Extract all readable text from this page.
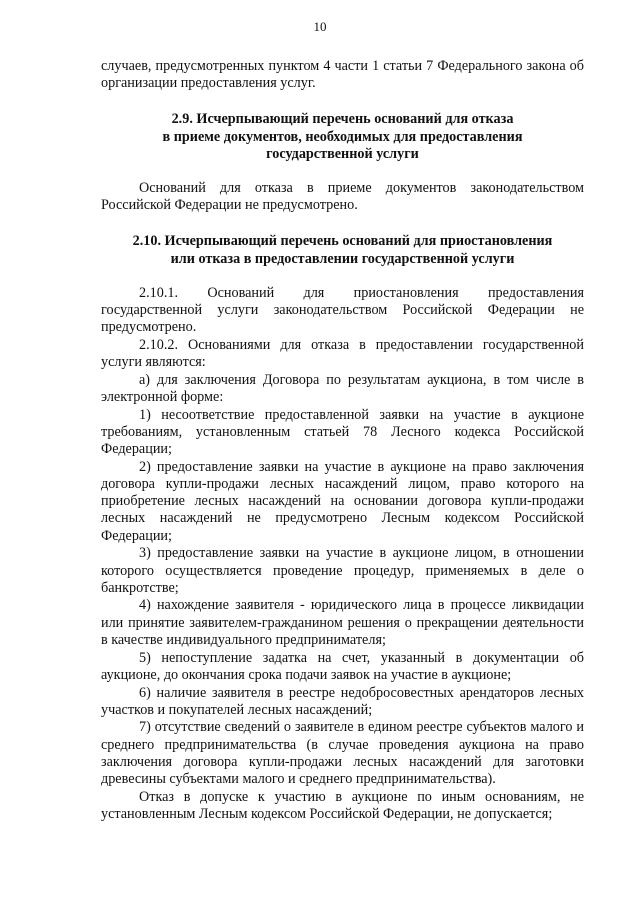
10

случаев, предусмотренных пунктом 4 части 1 статьи 7 Федерального закона об организации предоставления услуг.

2.9. Исчерпывающий перечень оснований для отказа
в приеме документов, необходимых для предоставления
государственной услуги

Оснований для отказа в приеме документов законодательством Российской Федерации не предусмотрено.

2.10. Исчерпывающий перечень оснований для приостановления
или отказа в предоставлении государственной услуги

2.10.1. Оснований для приостановления предоставления государственной услуги законодательством Российской Федерации не предусмотрено.

2.10.2. Основаниями для отказа в предоставлении государственной услуги являются:

а) для заключения Договора по результатам аукциона, в том числе в электронной форме:

1) несоответствие предоставленной заявки на участие в аукционе требованиям, установленным статьей 78 Лесного кодекса Российской Федерации;

2) предоставление заявки на участие в аукционе на право заключения договора купли-продажи лесных насаждений лицом, право которого на приобретение лесных насаждений на основании договора купли-продажи лесных насаждений не предусмотрено Лесным кодексом Российской Федерации;

3) предоставление заявки на участие в аукционе лицом, в отношении которого осуществляется проведение процедур, применяемых в деле о банкротстве;

4) нахождение заявителя - юридического лица в процессе ликвидации или принятие заявителем-гражданином решения о прекращении деятельности в качестве индивидуального предпринимателя;

5) непоступление задатка на счет, указанный в документации об аукционе, до окончания срока подачи заявок на участие в аукционе;

6) наличие заявителя в реестре недобросовестных арендаторов лесных участков и покупателей лесных насаждений;

7) отсутствие сведений о заявителе в едином реестре субъектов малого и среднего предпринимательства (в случае проведения аукциона на право заключения договора купли-продажи лесных насаждений для заготовки древесины субъектами малого и среднего предпринимательства).

Отказ в допуске к участию в аукционе по иным основаниям, не установленным Лесным кодексом Российской Федерации, не допускается;
